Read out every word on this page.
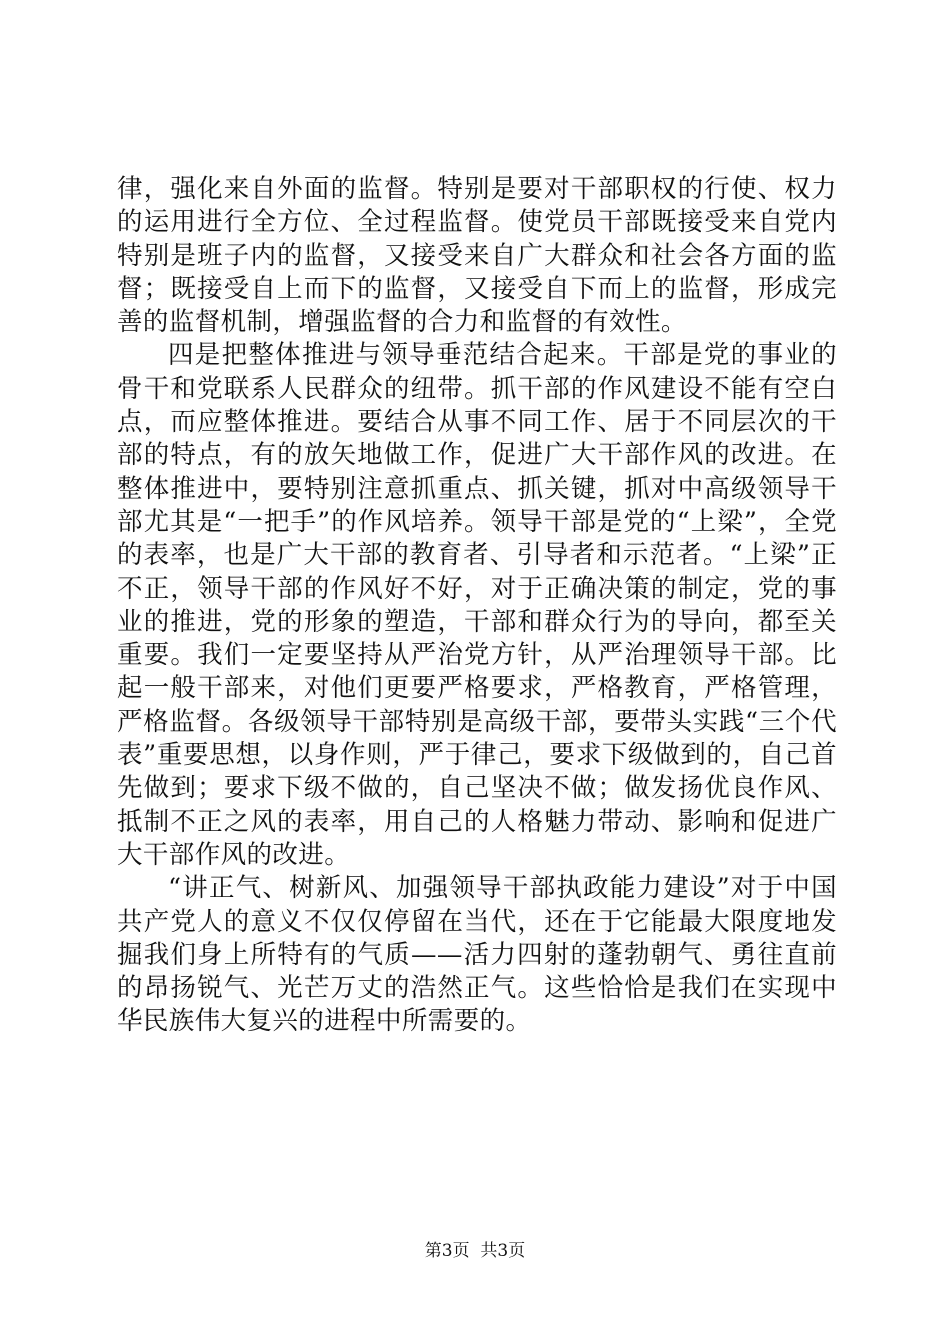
律，强化来自外面的监督。特别是要对干部职权的行使、权力的运用进行全方位、全过程监督。使党员干部既接受来自党内特别是班子内的监督，又接受来自广大群众和社会各方面的监督；既接受自上而下的监督，又接受自下而上的监督，形成完善的监督机制，增强监督的合力和监督的有效性。

四是把整体推进与领导垂范结合起来。干部是党的事业的骨干和党联系人民群众的纽带。抓干部的作风建设不能有空白点，而应整体推进。要结合从事不同工作、居于不同层次的干部的特点，有的放矢地做工作，促进广大干部作风的改进。在整体推进中，要特别注意抓重点、抓关键，抓对中高级领导干部尤其是“一把手”的作风培养。领导干部是党的“上梁”，全党的表率，也是广大干部的教育者、引导者和示范者。“上梁”正不正，领导干部的作风好不好，对于正确决策的制定，党的事业的推进，党的形象的塑造，干部和群众行为的导向，都至关重要。我们一定要坚持从严治党方针，从严治理领导干部。比起一般干部来，对他们更要严格要求，严格教育，严格管理，严格监督。各级领导干部特别是高级干部，要带头实践“三个代表”重要思想，以身作则，严于律己，要求下级做到的，自己首先做到；要求下级不做的，自己坚决不做；做发扬优良作风、抵制不正之风的表率，用自己的人格魅力带动、影响和促进广大干部作风的改进。

“讲正气、树新风、加强领导干部执政能力建设”对于中国共产党人的意义不仅仅停留在当代，还在于它能最大限度地发掘我们身上所特有的气质——活力四射的蓬勃朝气、勇往直前的昂扬锐气、光芒万丈的浩然正气。这些恰恰是我们在实现中华民族伟大复兴的进程中所需要的。

第3页  共3页
